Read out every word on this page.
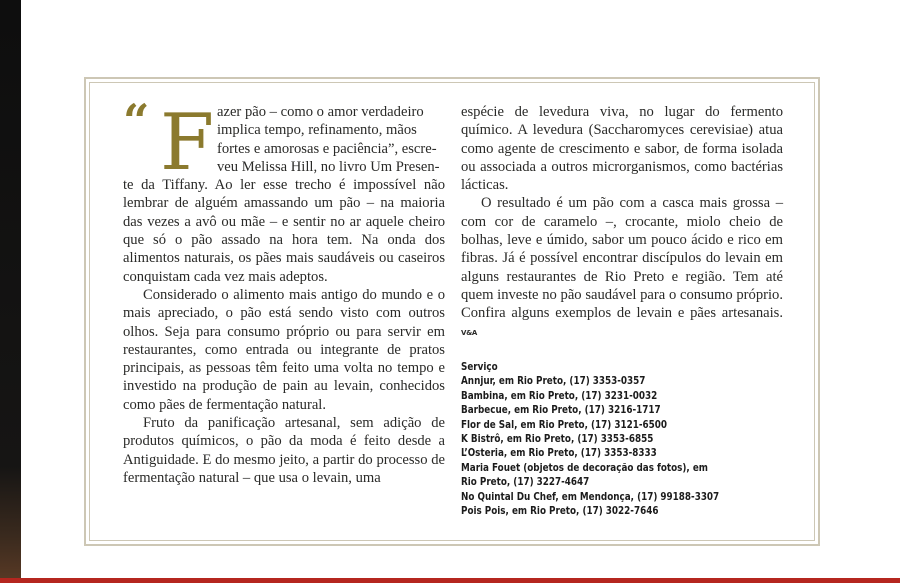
“ F azer pão – como o amor verdadeiro
implica tempo, refinamento, mãos
fortes e amorosas e paciência”, escre-
veu Melissa Hill, no livro Um Presen-
te da Tiffany. Ao ler esse trecho é impossível não lembrar de alguém amassando um pão – na maioria das vezes a avô ou mãe – e sentir no ar aquele cheiro que só o pão assado na hora tem. Na onda dos alimentos naturais, os pães mais saudáveis ou caseiros conquistam cada vez mais adeptos.

Considerado o alimento mais antigo do mundo e o mais apreciado, o pão está sendo visto com outros olhos. Seja para consumo próprio ou para servir em restaurantes, como entrada ou integrante de pratos principais, as pessoas têm feito uma volta no tempo e investido na produção de pain au levain, conhecidos como pães de fermentação natural.

Fruto da panificação artesanal, sem adição de produtos químicos, o pão da moda é feito desde a Antiguidade. E do mesmo jeito, a partir do processo de fermentação natural – que usa o levain, uma

espécie de levedura viva, no lugar do fermento químico. A levedura (Saccharomyces cerevisiae) atua como agente de crescimento e sabor, de forma isolada ou associada a outros microrganismos, como bactérias lácticas.

O resultado é um pão com a casca mais grossa – com cor de caramelo –, crocante, miolo cheio de bolhas, leve e úmido, sabor um pouco ácido e rico em fibras. Já é possível encontrar discípulos do levain em alguns restaurantes de Rio Preto e região. Tem até quem investe no pão saudável para o consumo próprio. Confira alguns exemplos de levain e pães artesanais. V&A

Serviço
Annjur, em Rio Preto, (17) 3353-0357
Bambina, em Rio Preto, (17) 3231-0032
Barbecue, em Rio Preto, (17) 3216-1717
Flor de Sal, em Rio Preto, (17) 3121-6500
K Bistrô, em Rio Preto, (17) 3353-6855
L’Osteria, em Rio Preto, (17) 3353-8333
Maria Fouet (objetos de decoração das fotos), em
Rio Preto, (17) 3227-4647
No Quintal Du Chef, em Mendonça, (17) 99188-3307
Pois Pois, em Rio Preto, (17) 3022-7646
